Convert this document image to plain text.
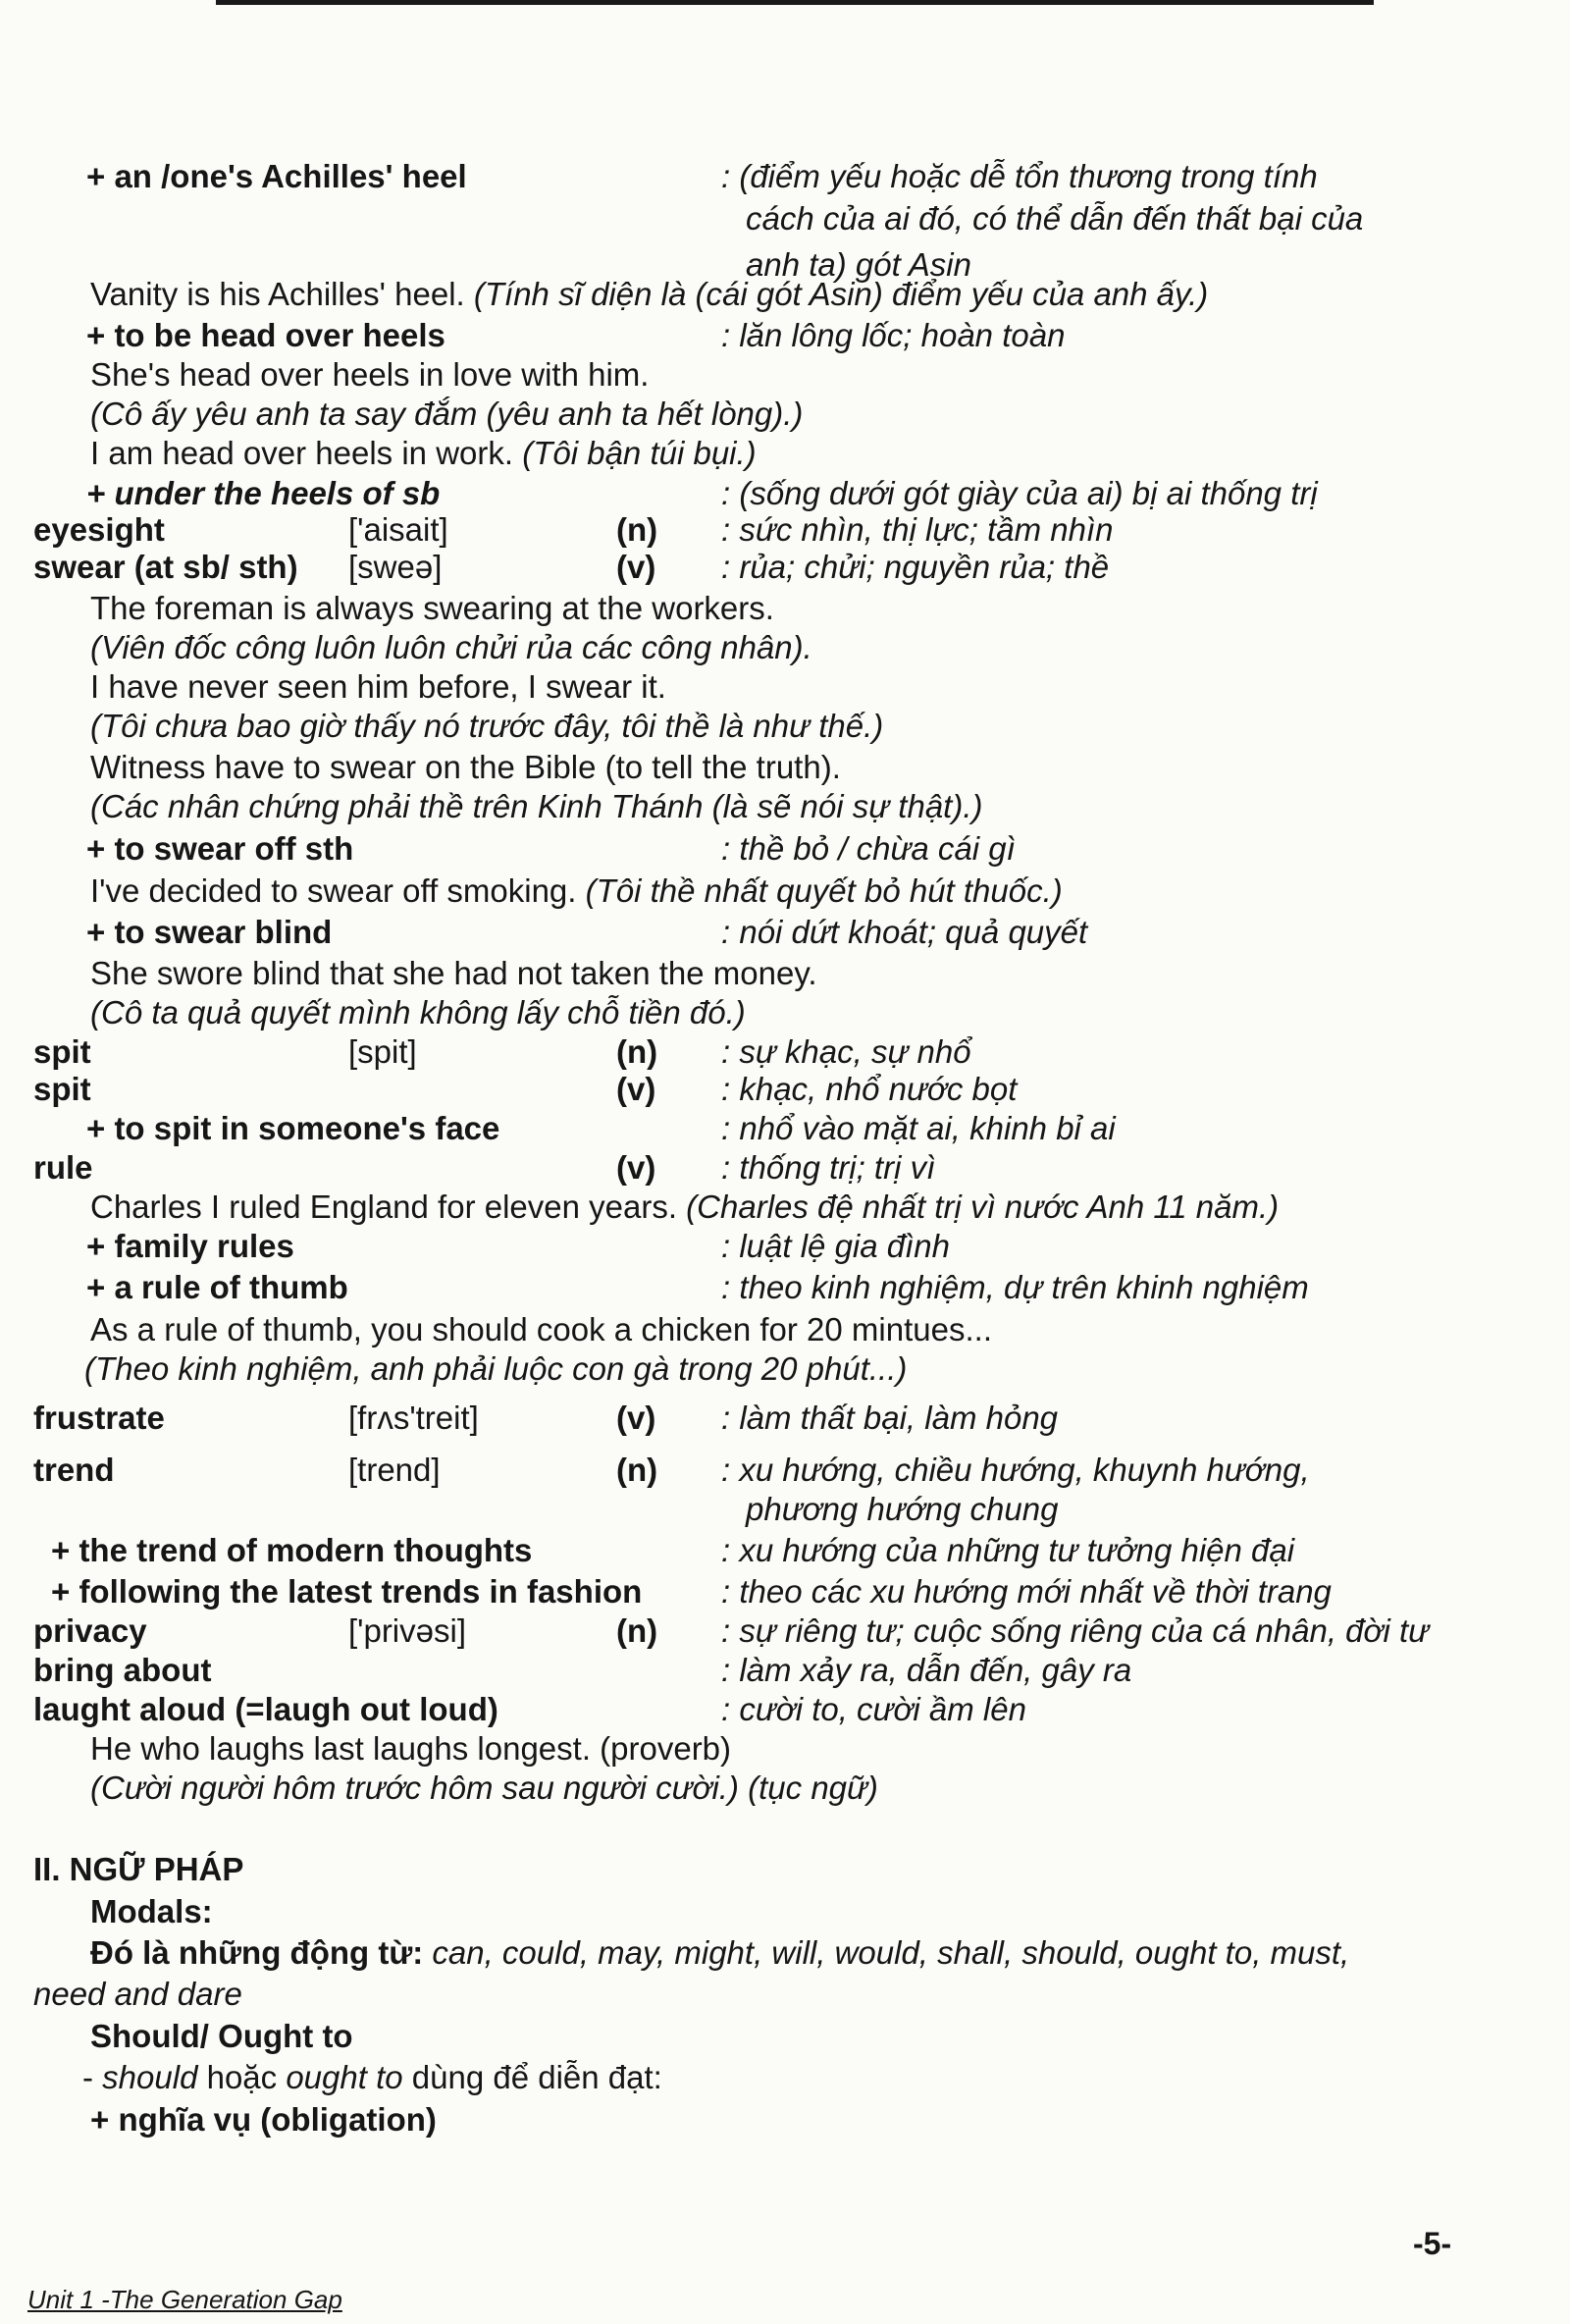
+ an /one's Achilles' heel	: (điểm yếu hoặc dễ tổn thương trong tính
cách của ai đó, có thể dẫn đến thất bại của
anh ta) gót Asin
Vanity is his Achilles' heel. (Tính sĩ diện là (cái gót Asin) điểm yếu của anh ấy.)
+ to be head over heels	: lăn lông lốc; hoàn toàn
She's head over heels in love with him.
(Cô ấy yêu anh ta say đắm (yêu anh ta hết lòng).)
I am head over heels in work. (Tôi bận túi bụi.)
+ under the heels of sb	: (sống dưới gót giày của ai) bị ai thống trị
eyesight	['aisait]	(n) : sức nhìn, thị lực; tầm nhìn
swear (at sb/ sth) [sweə]	(v) : rủa; chửi; nguyền rủa; thề
The foreman is always swearing at the workers.
(Viên đốc công luôn luôn chửi rủa các công nhân).
I have never seen him before, I swear it.
(Tôi chưa bao giờ thấy nó trước đây, tôi thề là như thế.)
Witness have to swear on the Bible (to tell the truth).
(Các nhân chứng phải thề trên Kinh Thánh (là sẽ nói sự thật).)
+ to swear off sth	: thề bỏ / chừa cái gì
I've decided to swear off smoking. (Tôi thề nhất quyết bỏ hút thuốc.)
+ to swear blind	: nói dứt khoát; quả quyết
She swore blind that she had not taken the money.
(Cô ta quả quyết mình không lấy chỗ tiền đó.)
spit	[spit]	(n) : sự khạc, sự nhổ
spit	(v) : khạc, nhổ nước bọt
+ to spit in someone's face	: nhổ vào mặt ai, khinh bỉ ai
rule	(v) : thống trị; trị vì
Charles I ruled England for eleven years. (Charles đệ nhất trị vì nước Anh 11 năm.)
+ family rules	: luật lệ gia đình
+ a rule of thumb	: theo kinh nghiệm, dự trên khinh nghiệm
As a rule of thumb, you should cook a chicken for 20 mintues...
(Theo kinh nghiệm, anh phải luộc con gà trong 20 phút...)
frustrate	[frʌs'treit]	(v) : làm thất bại, làm hỏng
trend	[trend]	(n) : xu hướng, chiều hướng, khuynh hướng,
phương hướng chung
+ the trend of modern thoughts	: xu hướng của những tư tưởng hiện đại
+ following the latest trends in fashion : theo các xu hướng mới nhất về thời trang
privacy	['privəsi]	(n) : sự riêng tư; cuộc sống riêng của cá nhân, đời tư
bring about	: làm xảy ra, dẫn đến, gây ra
laught aloud (=laugh out loud)	: cười to, cười ầm lên
He who laughs last laughs longest. (proverb)
(Cười người hôm trước hôm sau người cười.) (tục ngữ)
II. NGỮ PHÁP
Modals:
Đó là những động từ: can, could, may, might, will, would, shall, should, ought to, must,
need and dare
Should/ Ought to
- should hoặc ought to dùng để diễn đạt:
+ nghĩa vụ (obligation)
Unit 1 -The Generation Gap
-5-
